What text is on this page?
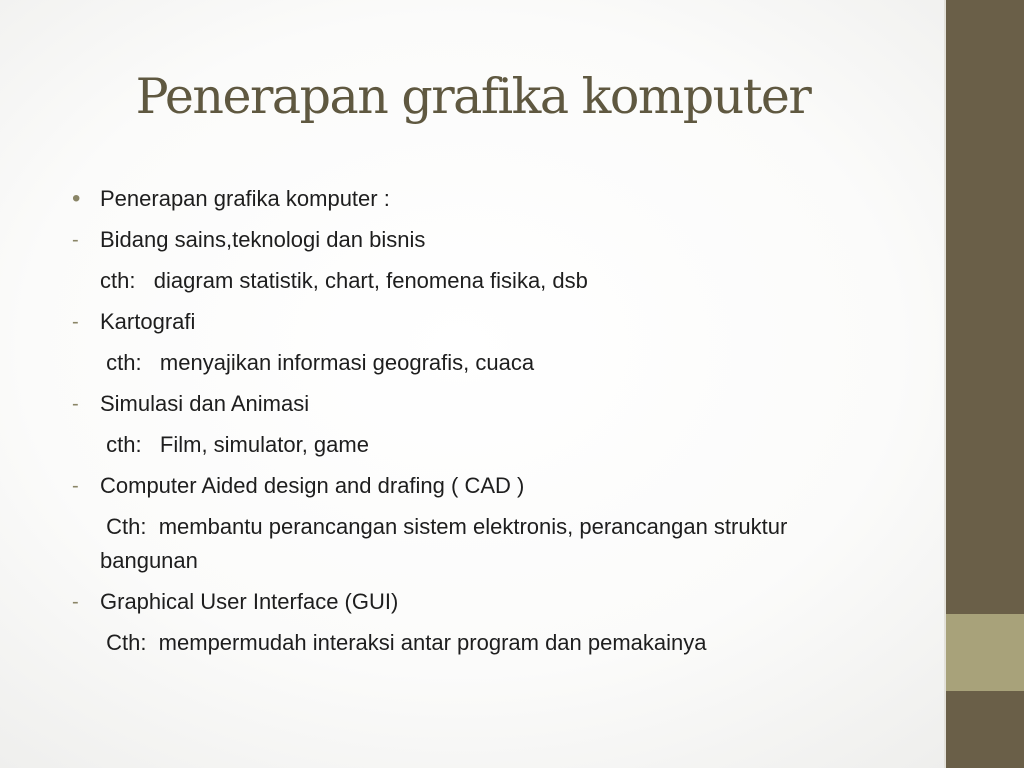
Penerapan grafika komputer
• Penerapan grafika komputer :
- Bidang sains,teknologi dan bisnis
cth:   diagram statistik, chart, fenomena fisika, dsb
- Kartografi
cth:   menyajikan informasi geografis, cuaca
- Simulasi dan Animasi
cth:   Film, simulator, game
- Computer Aided design and drafing ( CAD )
Cth:  membantu perancangan sistem elektronis, perancangan struktur bangunan
- Graphical User Interface (GUI)
Cth:  mempermudah interaksi antar program dan pemakainya
